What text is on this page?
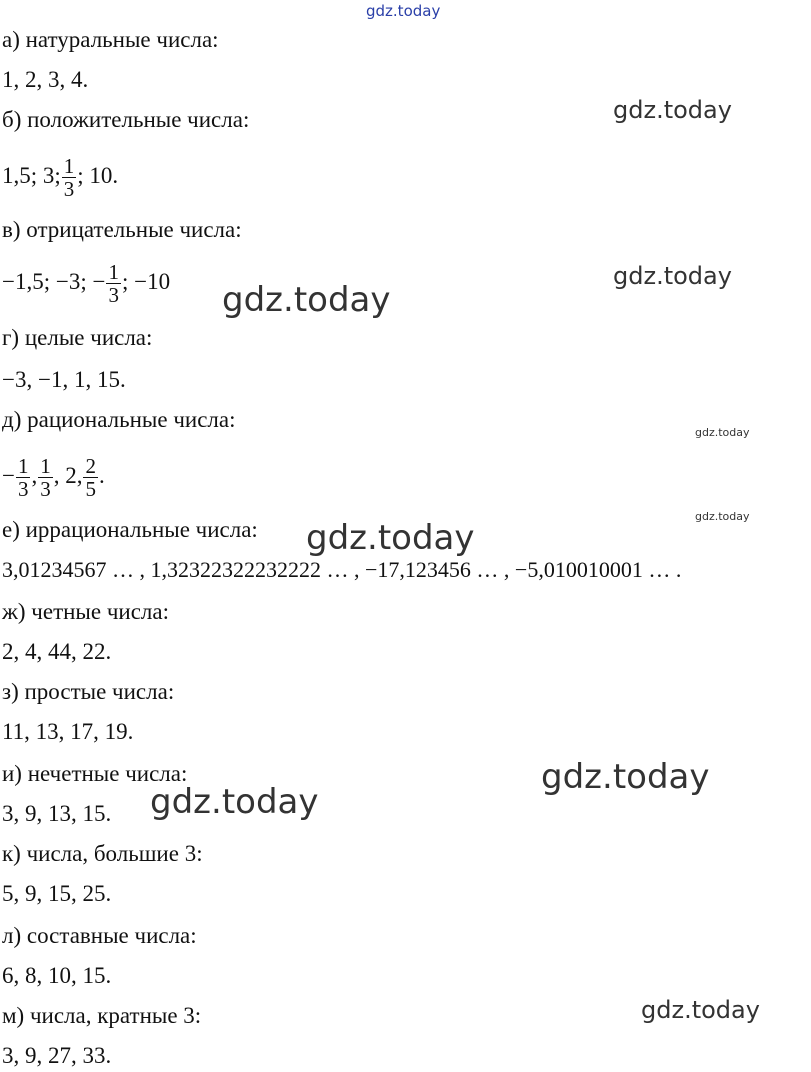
gdz.today
gdz.today
gdz.today
gdz.today
gdz.today
gdz.today
gdz.today
gdz.today
gdz.today
gdz.today
а) натуральные числа:
1, 2, 3, 4.
б) положительные числа:
1,5; 3; $\frac{1}{3}$ ; 10.
в) отрицательные числа:
−1,5; −3; − $\frac{1}{3}$ ; −10
г) целые числа:
−3, −1, 1, 15.
д) рациональные числа:
− $\frac{1}{3}$ , $\frac{1}{3}$ , 2, $\frac{2}{5}$ .
е) иррациональные числа:
3,01234567 … , 1,32322322232222 … , −17,123456 … , −5,010010001 … .
ж) четные числа:
2, 4, 44, 22.
з) простые числа:
11, 13, 17, 19.
и) нечетные числа:
3, 9, 13, 15.
к) числа, большие 3:
5, 9, 15, 25.
л) составные числа:
6, 8, 10, 15.
м) числа, кратные 3:
3, 9, 27, 33.
